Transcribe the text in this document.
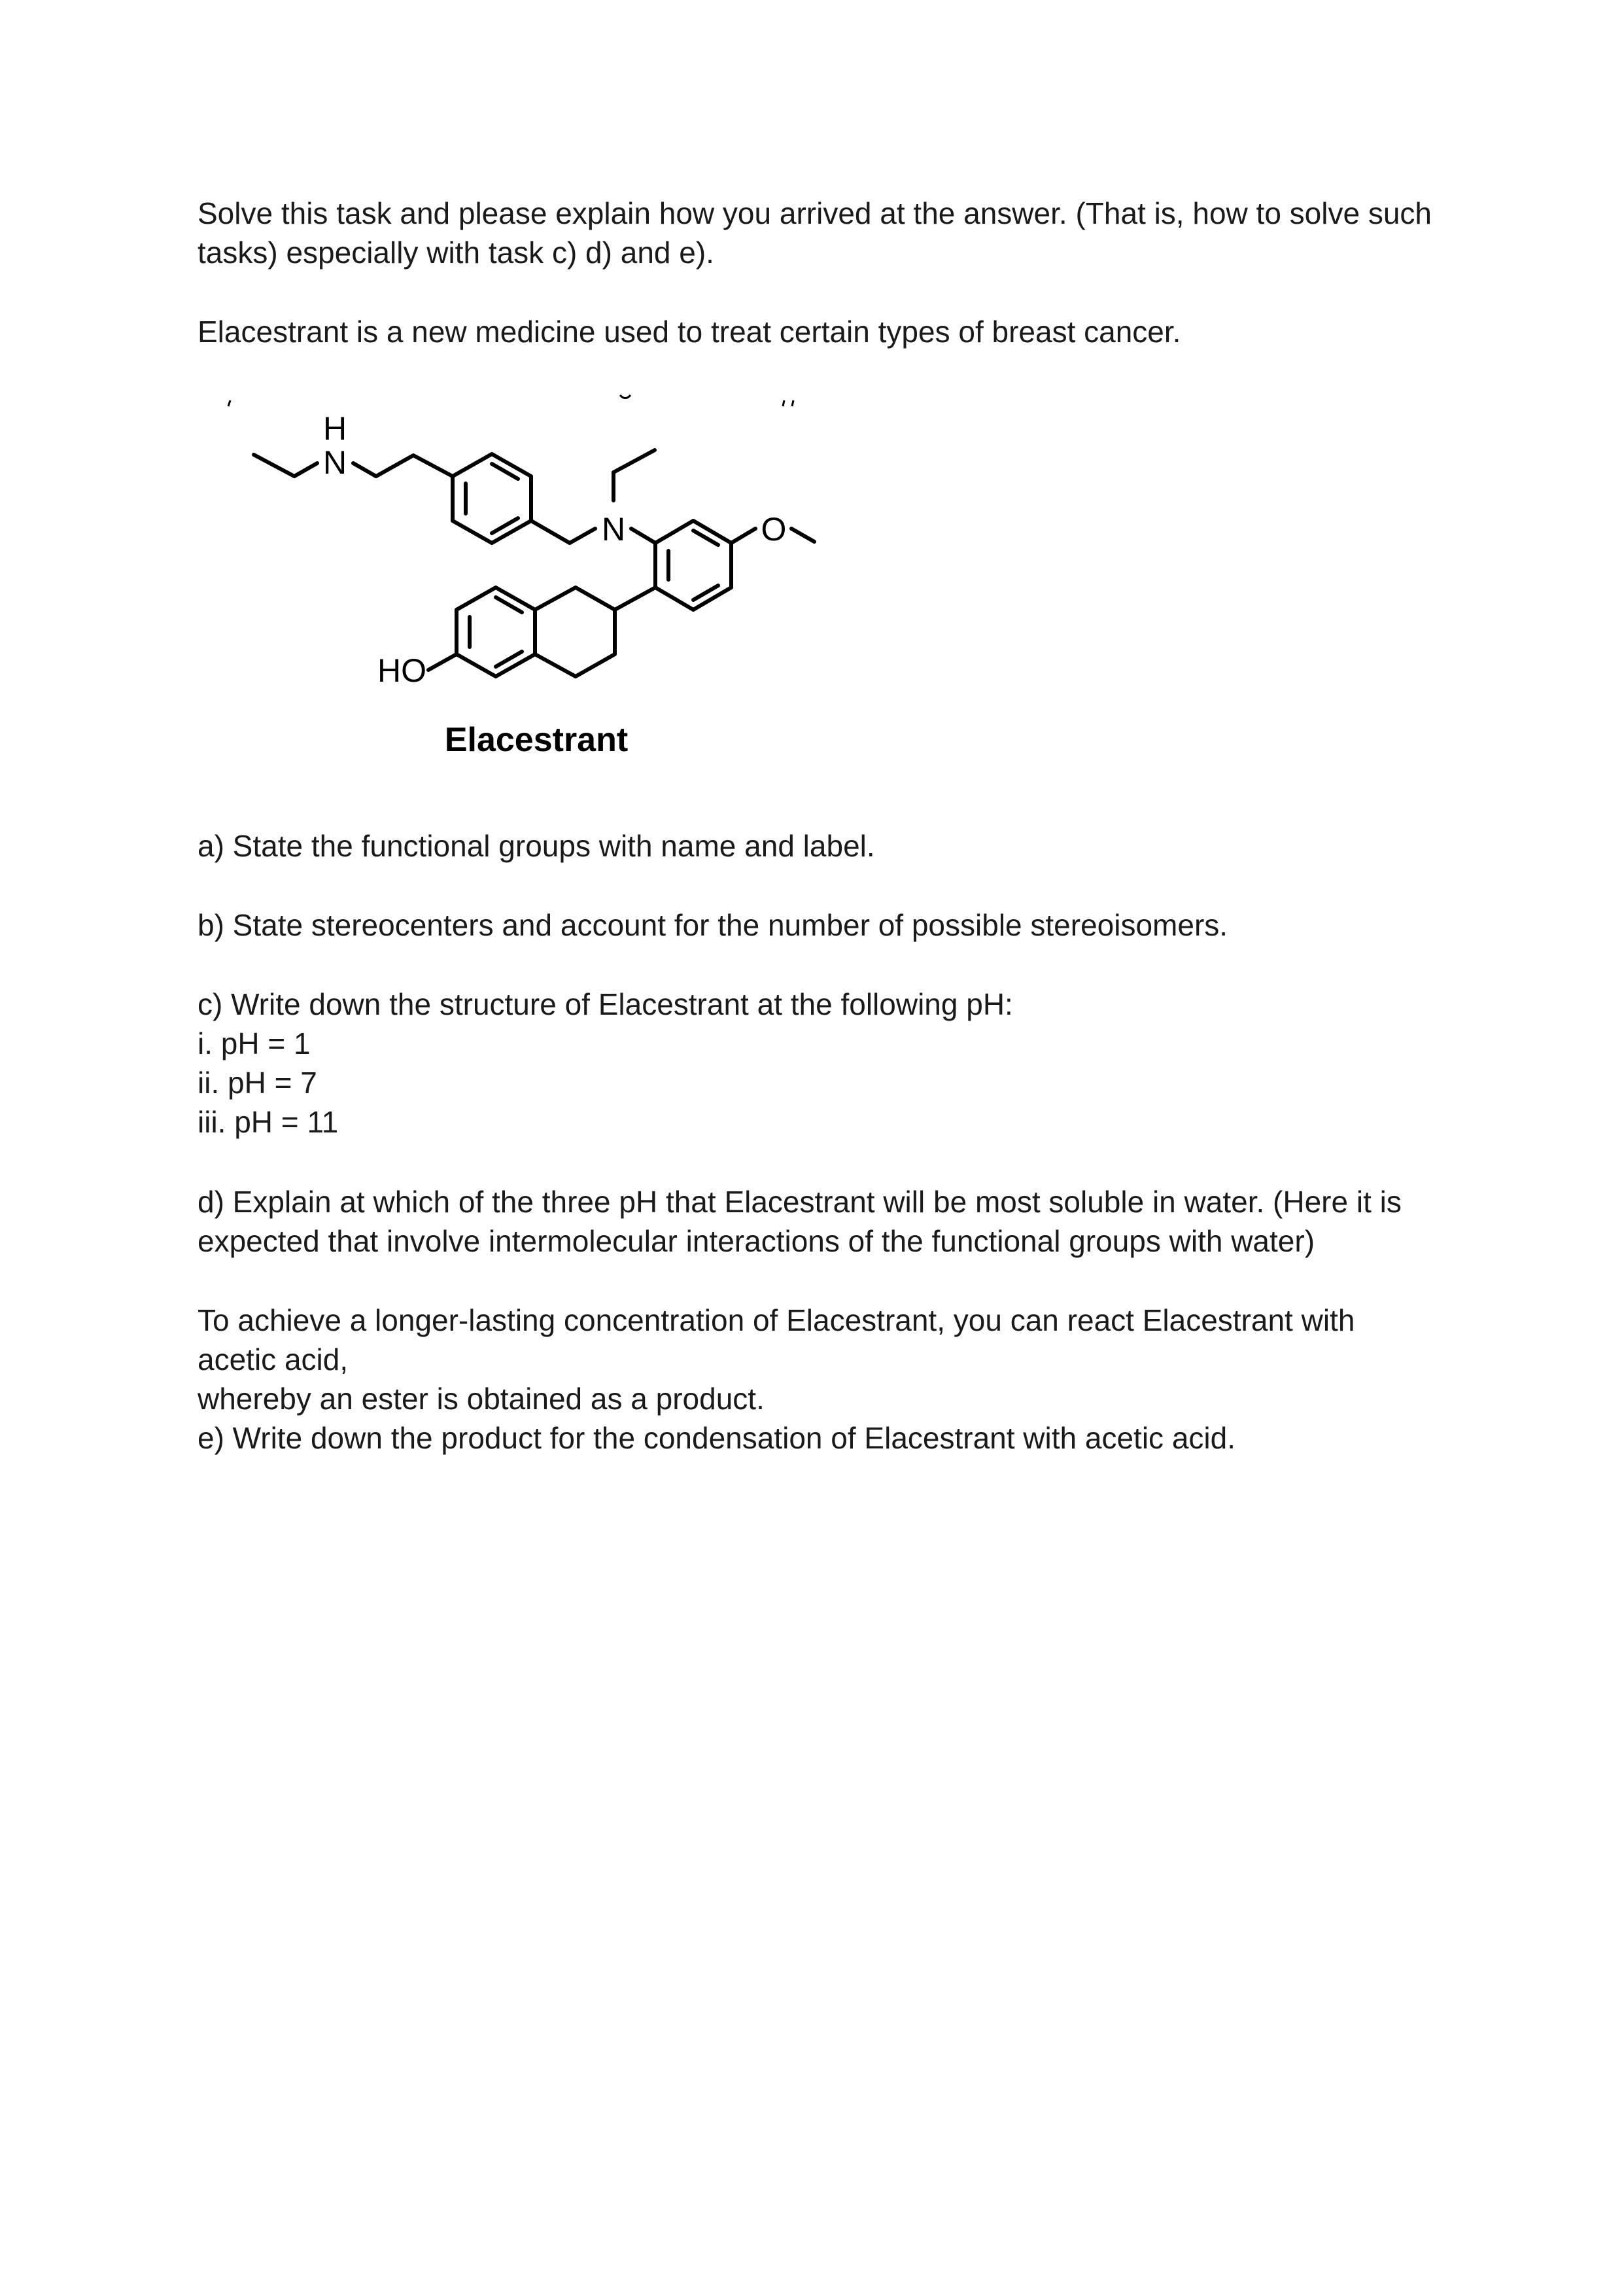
Solve this task and please explain how you arrived at the answer. (That is, how to solve such

tasks) especially with task c) d) and e).

Elacestrant is a new medicine used to treat certain types of breast cancer.

H
N
N	O
HO
Elacestrant

a) State the functional groups with name and label.

b) State stereocenters and account for the number of possible stereoisomers.

c) Write down the structure of Elacestrant at the following pH:

i. pH = 1

ii. pH = 7

iii. pH = 11

d) Explain at which of the three pH that Elacestrant will be most soluble in water. (Here it is

expected that involve intermolecular interactions of the functional groups with water)

To achieve a longer-lasting concentration of Elacestrant, you can react Elacestrant with

acetic acid,

whereby an ester is obtained as a product.

e) Write down the product for the condensation of Elacestrant with acetic acid.
